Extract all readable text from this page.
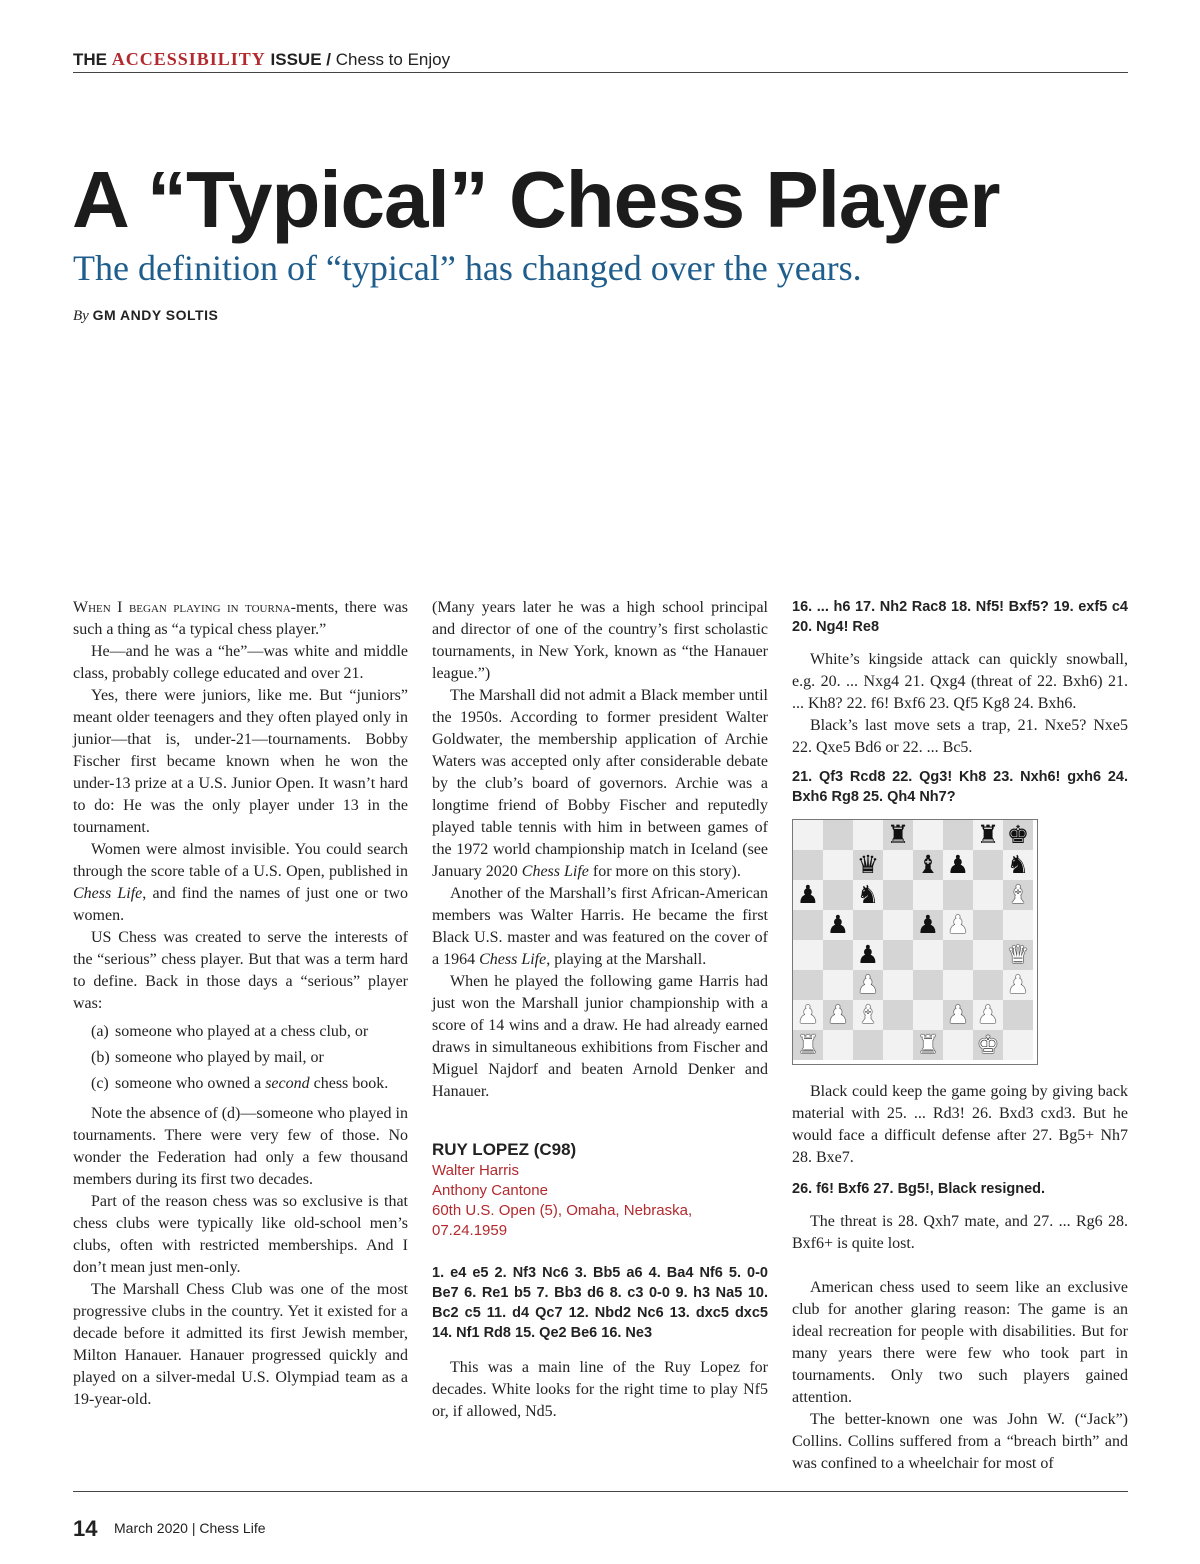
THE ACCESSIBILITY ISSUE / Chess to Enjoy
A “Typical” Chess Player
The definition of “typical” has changed over the years.
By GM ANDY SOLTIS

When I began playing in tourna-ments, there was such a thing as “a typical chess player.”

He—and he was a “he”—was white and middle class, probably college educated and over 21.

Yes, there were juniors, like me. But “juniors” meant older teenagers and they often played only in junior—that is, under-21—tournaments. Bobby Fischer first became known when he won the under-13 prize at a U.S. Junior Open. It wasn’t hard to do: He was the only player under 13 in the tournament.

Women were almost invisible. You could search through the score table of a U.S. Open, published in Chess Life, and find the names of just one or two women.

US Chess was created to serve the interests of the “serious” chess player. But that was a term hard to define. Back in those days a “serious” player was:

(a) someone who played at a chess club, or
(b) someone who played by mail, or
(c) someone who owned a second chess book.

Note the absence of (d)—someone who played in tournaments. There were very few of those. No wonder the Federation had only a few thousand members during its first two decades.

Part of the reason chess was so exclusive is that chess clubs were typically like old-school men’s clubs, often with restricted memberships. And I don’t mean just men-only.

The Marshall Chess Club was one of the most progressive clubs in the country. Yet it existed for a decade before it admitted its first Jewish member, Milton Hanauer. Hanauer progressed quickly and played on a silver-medal U.S. Olympiad team as a 19-year-old.

(Many years later he was a high school principal and director of one of the country’s first scholastic tournaments, in New York, known as “the Hanauer league.”)

The Marshall did not admit a Black member until the 1950s. According to former president Walter Goldwater, the membership application of Archie Waters was accepted only after considerable debate by the club’s board of governors. Archie was a longtime friend of Bobby Fischer and reputedly played table tennis with him in between games of the 1972 world championship match in Iceland (see January 2020 Chess Life for more on this story).

Another of the Marshall’s first African-American members was Walter Harris. He became the first Black U.S. master and was featured on the cover of a 1964 Chess Life, playing at the Marshall.

When he played the following game Harris had just won the Marshall junior championship with a score of 14 wins and a draw. He had already earned draws in simultaneous exhibitions from Fischer and Miguel Najdorf and beaten Arnold Denker and Hanauer.

RUY LOPEZ (C98)
Walter Harris
Anthony Cantone
60th U.S. Open (5), Omaha, Nebraska, 07.24.1959

1. e4 e5 2. Nf3 Nc6 3. Bb5 a6 4. Ba4 Nf6 5. 0-0 Be7 6. Re1 b5 7. Bb3 d6 8. c3 0-0 9. h3 Na5 10. Bc2 c5 11. d4 Qc7 12. Nbd2 Nc6 13. dxc5 dxc5 14. Nf1 Rd8 15. Qe2 Be6 16. Ne3

This was a main line of the Ruy Lopez for decades. White looks for the right time to play Nf5 or, if allowed, Nd5.

16. ... h6 17. Nh2 Rac8 18. Nf5! Bxf5? 19. exf5 c4 20. Ng4! Re8

White’s kingside attack can quickly snowball, e.g. 20. ... Nxg4 21. Qxg4 (threat of 22. Bxh6) 21. ... Kh8? 22. f6! Bxf6 23. Qf5 Kg8 24. Bxh6.

Black’s last move sets a trap, 21. Nxe5? Nxe5 22. Qxe5 Bd6 or 22. ... Bc5.

21. Qf3 Rcd8 22. Qg3! Kh8 23. Nxh6! gxh6 24. Bxh6 Rg8 25. Qh4 Nh7?

♜	♜ ♚
♛ ♝ ♟ ♞
♟ ♞	♝
♟	♟ ♟
♟	♛
♟	♟
♟ ♟ ♝	♟ ♟
♜	♜ ♚

Black could keep the game going by giving back material with 25. ... Rd3! 26. Bxd3 cxd3. But he would face a difficult defense after 27. Bg5+ Nh7 28. Bxe7.

26. f6! Bxf6 27. Bg5!, Black resigned.

The threat is 28. Qxh7 mate, and 27. ... Rg6 28. Bxf6+ is quite lost.

American chess used to seem like an exclusive club for another glaring reason: The game is an ideal recreation for people with disabilities. But for many years there were few who took part in tournaments. Only two such players gained attention.

The better-known one was John W. (“Jack”) Collins. Collins suffered from a “breach birth” and was confined to a wheelchair for most of

14 March 2020 | Chess Life
